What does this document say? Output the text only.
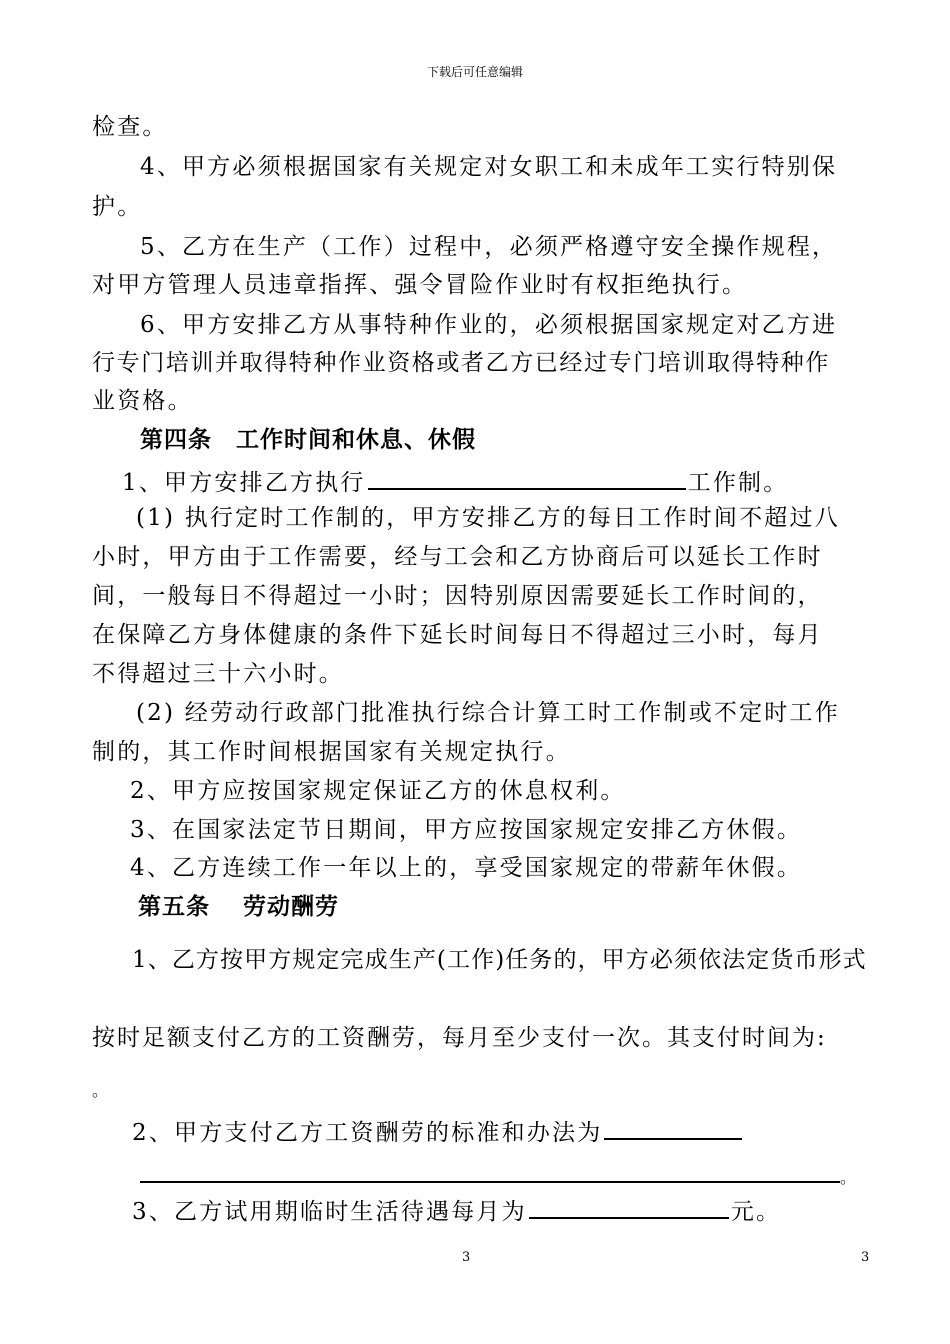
下载后可任意编辑
检查。
4、甲方必须根据国家有关规定对女职工和未成年工实行特别保
护。
5、乙方在生产（工作）过程中，必须严格遵守安全操作规程，
对甲方管理人员违章指挥、强令冒险作业时有权拒绝执行。
6、甲方安排乙方从事特种作业的，必须根据国家规定对乙方进
行专门培训并取得特种作业资格或者乙方已经过专门培训取得特种作
业资格。
第四条　工作时间和休息、休假
1、甲方安排乙方执行	工作制。
(1) 执行定时工作制的，甲方安排乙方的每日工作时间不超过八
小时，甲方由于工作需要，经与工会和乙方协商后可以延长工作时
间，一般每日不得超过一小时；因特别原因需要延长工作时间的，
在保障乙方身体健康的条件下延长时间每日不得超过三小时，每月
不得超过三十六小时。
(2) 经劳动行政部门批准执行综合计算工时工作制或不定时工作
制的，其工作时间根据国家有关规定执行。
2、甲方应按国家规定保证乙方的休息权利。
3、在国家法定节日期间，甲方应按国家规定安排乙方休假。
4、乙方连续工作一年以上的，享受国家规定的带薪年休假。
第五条　 劳动酬劳
1、乙方按甲方规定完成生产(工作)任务的，甲方必须依法定货币形式
按时足额支付乙方的工资酬劳，每月至少支付一次。其支付时间为:
。
2、甲方支付乙方工资酬劳的标准和办法为
。
3、乙方试用期临时生活待遇每月为	元。
3	3
